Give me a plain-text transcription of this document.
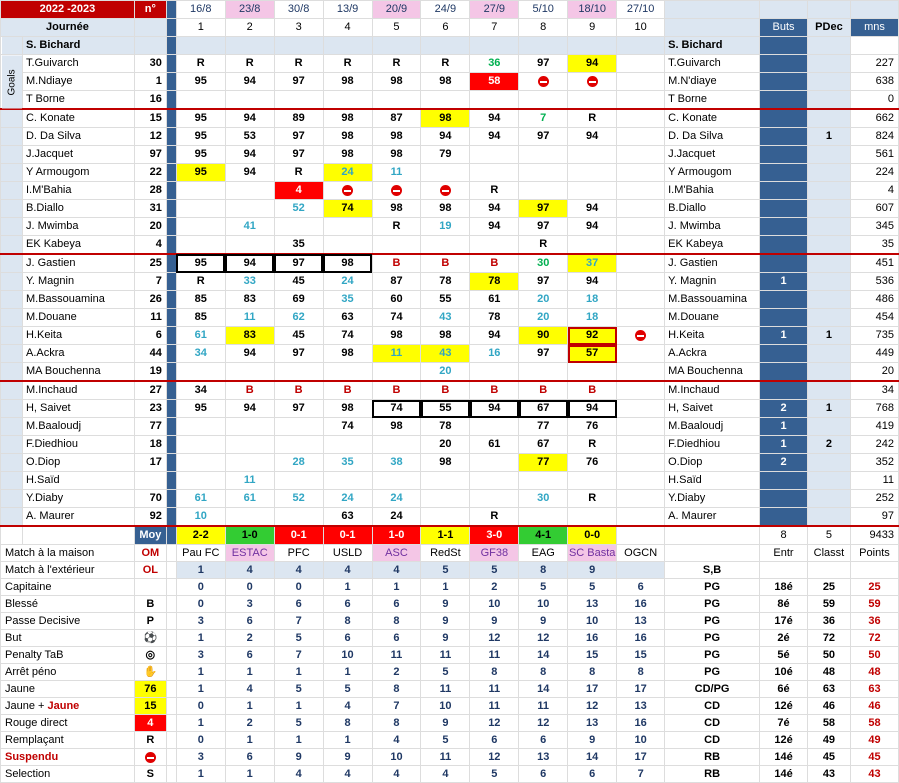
2022 -2023		n°		16/8	23/8	30/8	13/9	20/9	24/9	27/9	5/10	18/10	27/10				
Journée				1	2	3	4	5	6	7	8	9	10		Buts	PDec	mns
	S. Bichard													S. Bichard			
Goals	T.Guivarch	30		R	R	R	R	R	R	36	97	94		T.Guivarch			227
	M.Ndiaye	1		95	94	97	98	98	98	58				M.N'diaye			638
	T Borne	16												T Borne			0
	C. Konate	15		95	94	89	98	87	98	94	7	R		C. Konate			662
	D. Da Silva	12		95	53	97	98	98	94	94	97	94		D. Da Silva		1	824
	J.Jacquet	97		95	94	97	98	98	79					J.Jacquet			561
	Y Armougom	22		95	94	R	24	11						Y Armougom			224
	I.M'Bahia	28				4				R				I.M'Bahia			4
	B.Diallo	31				52	74	98	98	94	97	94		B.Diallo			607
	J. Mwimba	20			41			R	19	94	97	94		J. Mwimba			345
	EK Kabeya	4				35					R			EK Kabeya			35
	J. Gastien	25		95	94	97	98	B	B	B	30	37		J. Gastien			451
	Y. Magnin	7		R	33	45	24	87	78	78	97	94		Y. Magnin	1		536
	M.Bassouamina	26		85	83	69	35	60	55	61	20	18		M.Bassouamina			486
	M.Douane	11		85	11	62	63	74	43	78	20	18		M.Douane			454
	H.Keita	6		61	83	45	74	98	98	94	90	92		H.Keita	1	1	735
	A.Ackra	44		34	94	97	98	11	43	16	97	57		A.Ackra			449
	MA Bouchenna	19							20					MA Bouchenna			20
	M.Inchaud	27		34	B	B	B	B	B	B	B	B		M.Inchaud			34
	H, Saivet	23		95	94	97	98	74	55	94	67	94		H, Saivet	2	1	768
	M.Baaloudj	77					74	98	78		77	76		M.Baaloudj	1		419
	F.Diedhiou	18							20	61	67	R		F.Diedhiou	1	2	242
	O.Diop	17				28	35	38	98		77	76		O.Diop	2		352
	H.Saïd				11									H.Saïd			11
	Y.Diaby	70		61	61	52	24	24			30	R		Y.Diaby			252
	A. Maurer	92		10			63	24		R				A. Maurer			97
		Moy		2-2	1-0	0-1	0-1	1-0	1-1	3-0	4-1	0-0			8	5	9433
Match à la maison		OM		Pau FC	ESTAC	PFC	USLD	ASC	RedSt	GF38	EAG	SC Basta	OGCN		Entr	Classt	Points
Match à l'extérieur		OL		1	4	4	4	4	5	5	8	9		S,B			
Capitaine				0	0	0	1	1	1	2	5	5	6	PG	18é	25	25
Blessé		B		0	3	6	6	6	9	10	10	13	16	PG	8é	59	59
Passe Decisive		P		3	6	7	8	8	9	9	9	10	13	PG	17é	36	36
But		⚽		1	2	5	6	6	9	12	12	16	16	PG	2é	72	72
Penalty TaB		◎		3	6	7	10	11	11	11	14	15	15	PG	5é	50	50
Arrêt péno		✋		1	1	1	1	2	5	8	8	8	8	PG	10é	48	48
Jaune		76		1	4	5	5	8	11	11	14	17	17	CD/PG	6é	63	63
Jaune + Jaune		15		0	1	1	4	7	10	11	11	12	13	CD	12é	46	46
Rouge direct		4		1	2	5	8	8	9	12	12	13	16	CD	7é	58	58
Remplaçant		R		0	1	1	1	4	5	6	6	9	10	CD	12é	49	49
Suspendu				3	6	9	9	10	11	12	13	14	17	RB	14é	45	45
Selection		S		1	1	4	4	4	4	5	6	6	7	RB	14é	43	43
